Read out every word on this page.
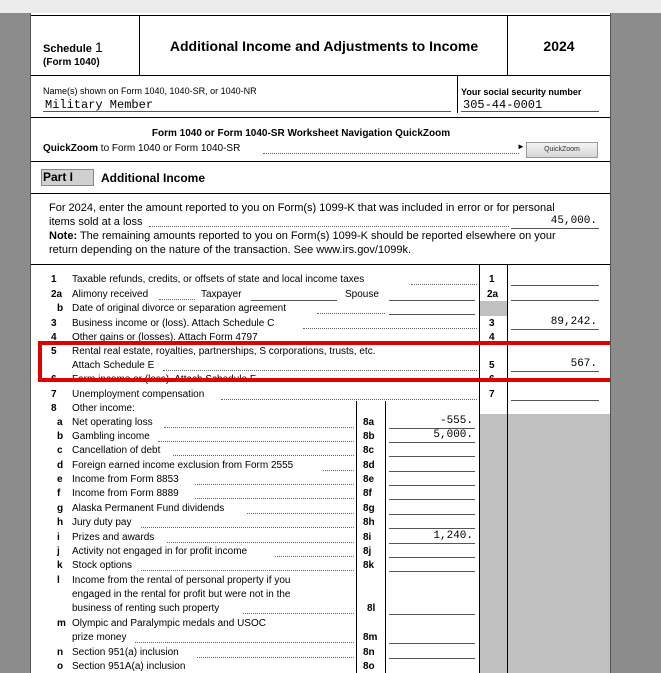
Schedule 1
(Form 1040)
Additional Income and Adjustments to Income	2024
Name(s) shown on Form 1040, 1040-SR, or 1040-NR
Military Member
Your social security number
305-44-0001
Form 1040 or Form 1040-SR Worksheet Navigation QuickZoom
QuickZoom to Form 1040 or Form 1040-SR	►	QuickZoom
Part I	Additional Income
For 2024, enter the amount reported to you on Form(s) 1099-K that was included in error or for personal
items sold at a loss	45,000.
Note: The remaining amounts reported to you on Form(s) 1099-K should be reported elsewhere on your
return depending on the nature of the transaction. See www.irs.gov/1099k.
1 Taxable refunds, credits, or offsets of state and local income taxes	1
2a Alimony received	Taxpayer	Spouse	2a
b Date of original divorce or separation agreement
3 Business income or (loss). Attach Schedule C	3	89,242.
4 Other gains or (losses). Attach Form 4797	4
5 Rental real estate, royalties, partnerships, S corporations, trusts, etc.
Attach Schedule E	5	567.
6 Farm income or (loss). Attach Schedule F	6
7 Unemployment compensation	7
8 Other income:
a Net operating loss	8a	-555.
b Gambling income	8b	5,000.
c Cancellation of debt	8c
d Foreign earned income exclusion from Form 2555	8d
e Income from Form 8853	8e
f Income from Form 8889	8f
g Alaska Permanent Fund dividends	8g
h Jury duty pay	8h
i Prizes and awards	8i	1,240.
j Activity not engaged in for profit income	8j
k Stock options	8k
l Income from the rental of personal property if you
engaged in the rental for profit but were not in the
business of renting such property	8l
m Olympic and Paralympic medals and USOC
prize money	8m
n Section 951(a) inclusion	8n
o Section 951A(a) inclusion	8o
